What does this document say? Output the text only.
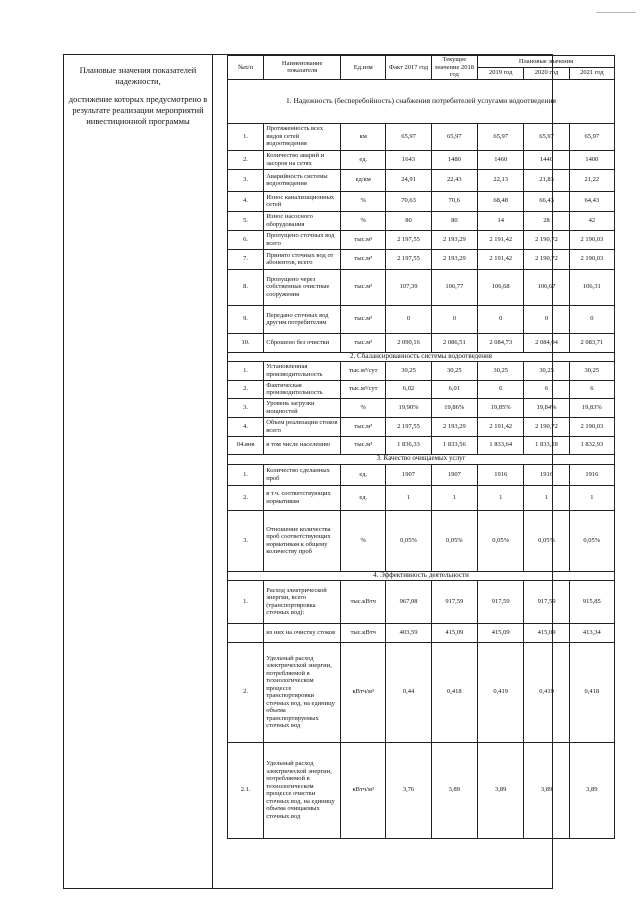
Плановые значения показателей надежности,
достижение которых предусмотрено в результате реализации мероприятий инвестиционной программы
№п/п	Наименование показателя	Ед.изм	Факт 2017 год	Текущее значение 2018 год	Плановые значения		
					2019 год	2020 год	2021 год
1. Надежность (бесперебойность) снабжения потребителей услугами водоотведения							
1.	Протяженность всех видов сетей водоотведения	км	65,97	65,97	65,97	65,97	65,97
2.	Количество аварий и засоров на сетях	ед.	1643	1480	1460	1440	1400
3.	Аварийность системы водоотведения	ед/км	24,91	22,43	22,13	21,83	21,22
4.	Износ канализационных сетей	%	70,63	70,6	68,48	66,43	64,43
5.	Износ насосного оборудования	%	80	80	14	28	42
6.	Пропущено сточных вод всего	тыс.м³	2 197,55	2 193,29	2 191,42	2 190,72	2 190,03
7.	Принято сточных вод от абонентов, всего	тыс.м³	2 197,55	2 193,29	2 191,42	2 190,72	2 190,03
8.	Пропущено через собственные очистные сооружения	тыс.м³	107,39	106,77	106,68	106,67	106,31
9.	Передано сточных вод другим потребителям	тыс.м³	0	0	0	0	0
10.	Сброшено без очистки	тыс.м³	2 090,16	2 086,51	2 084,73	2 084,04	2 083,71
2. Сбалансированность системы водоотведения							
1.	Установленная производительность	тыс.м³/сут	30,25	30,25	30,25	30,25	30,25
2.	Фактическая производительность	тыс.м³/сут	6,02	6,01	6	6	6
3.	Уровень загрузки мощностей	%	19,90%	19,86%	19,85%	19,84%	19,83%
4.	Объем реализации стоков всего	тыс.м³	2 197,55	2 193,29	2 191,42	2 190,72	2 190,03
04.янв	в том числе населению	тыс.м³	1 836,33	1 833,56	1 833,64	1 833,28	1 832,93
3. Качество очищаемых услуг							
1.	Количество сделанных проб	ед.	1907	1907	1916	1916	1916
2.	в т.ч. соответствующих нормативам	ед.	1	1	1	1	1
3.	Отношение количества проб соответствующих нормативам к общему количеству проб	%	0,05%	0,05%	0,05%	0,05%	0,05%
4. Эффективность деятельности							
1.	Расход электрической энергии, всего (транспортировка сточных вод):	тыс.кВтч	967,08	917,59	917,59	917,59	915,85
	из них на очистку стоков	тыс.кВтч	403,59	415,09	415,09	415,09	413,34
2.	Удельный расход электрической энергии, потребляемой в технологическом процессе транспортировки сточных вод, на единицу объема транспортируемых сточных вод	кВтч/м³	0,44	0,418	0,419	0,419	0,418
2.1.	Удельный расход электрической энергии, потребляемой в технологическом процессе очистки сточных вод, на единицу объема очищаемых сточных вод	кВтч/м³	3,76	3,89	3,89	3,89	3,89
